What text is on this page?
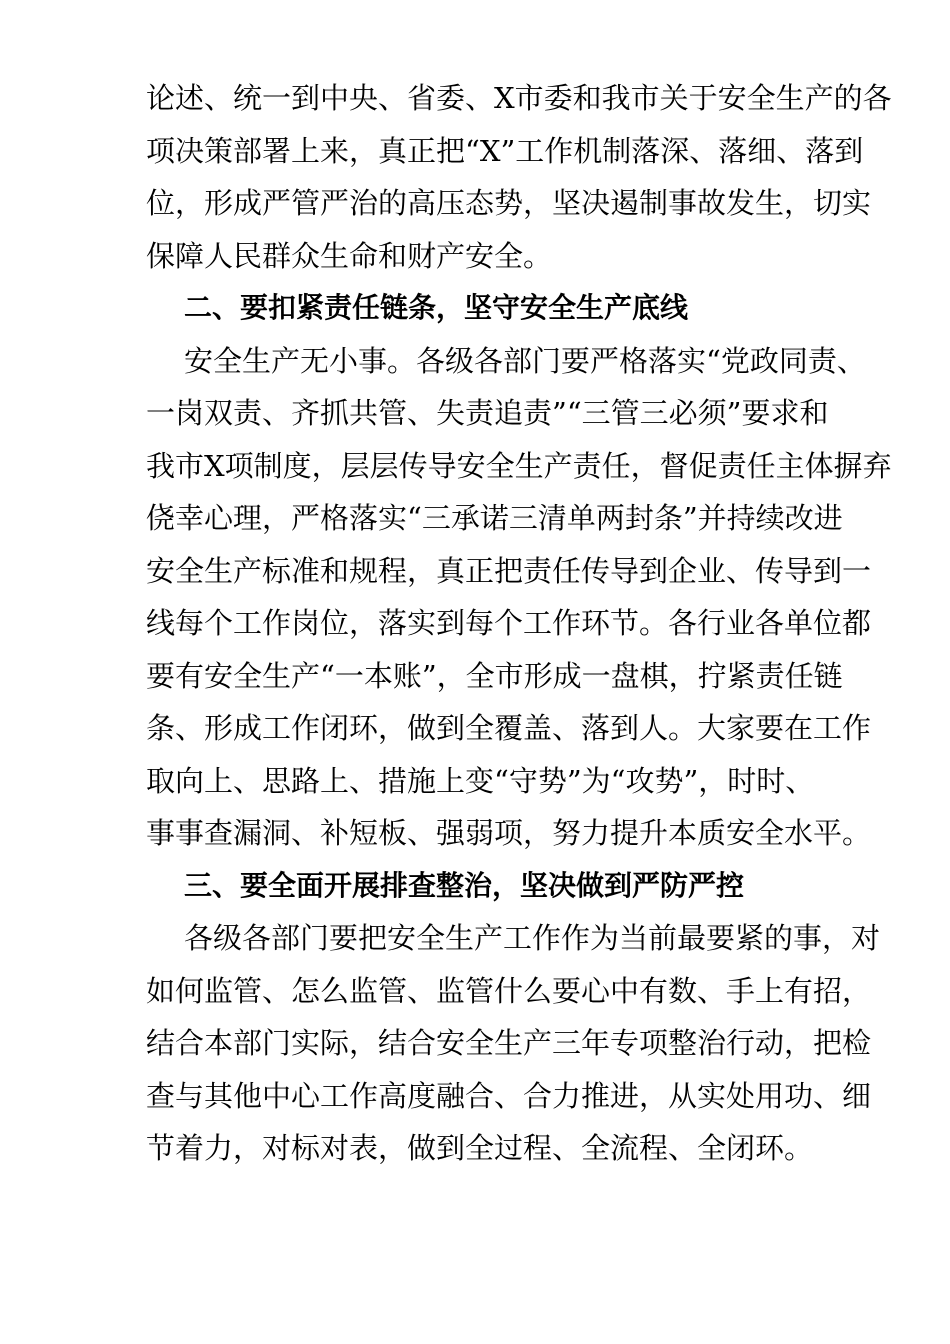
论述、统一到中央、省委、X市委和我市关于安全生产的各
项决策部署上来，真正把“X”工作机制落深、落细、落到
位，形成严管严治的高压态势，坚决遏制事故发生，切实
保障人民群众生命和财产安全。
二、要扣紧责任链条，坚守安全生产底线
安全生产无小事。各级各部门要严格落实“党政同责、
一岗双责、齐抓共管、失责追责”“三管三必须”要求和
我市X项制度，层层传导安全生产责任，督促责任主体摒弃
侥幸心理，严格落实“三承诺三清单两封条”并持续改进
安全生产标准和规程，真正把责任传导到企业、传导到一
线每个工作岗位，落实到每个工作环节。各行业各单位都
要有安全生产“一本账”，全市形成一盘棋，拧紧责任链
条、形成工作闭环，做到全覆盖、落到人。大家要在工作
取向上、思路上、措施上变“守势”为“攻势”，时时、
事事查漏洞、补短板、强弱项，努力提升本质安全水平。
三、要全面开展排查整治，坚决做到严防严控
各级各部门要把安全生产工作作为当前最要紧的事，对
如何监管、怎么监管、监管什么要心中有数、手上有招，
结合本部门实际，结合安全生产三年专项整治行动，把检
查与其他中心工作高度融合、合力推进，从实处用功、细
节着力，对标对表，做到全过程、全流程、全闭环。
